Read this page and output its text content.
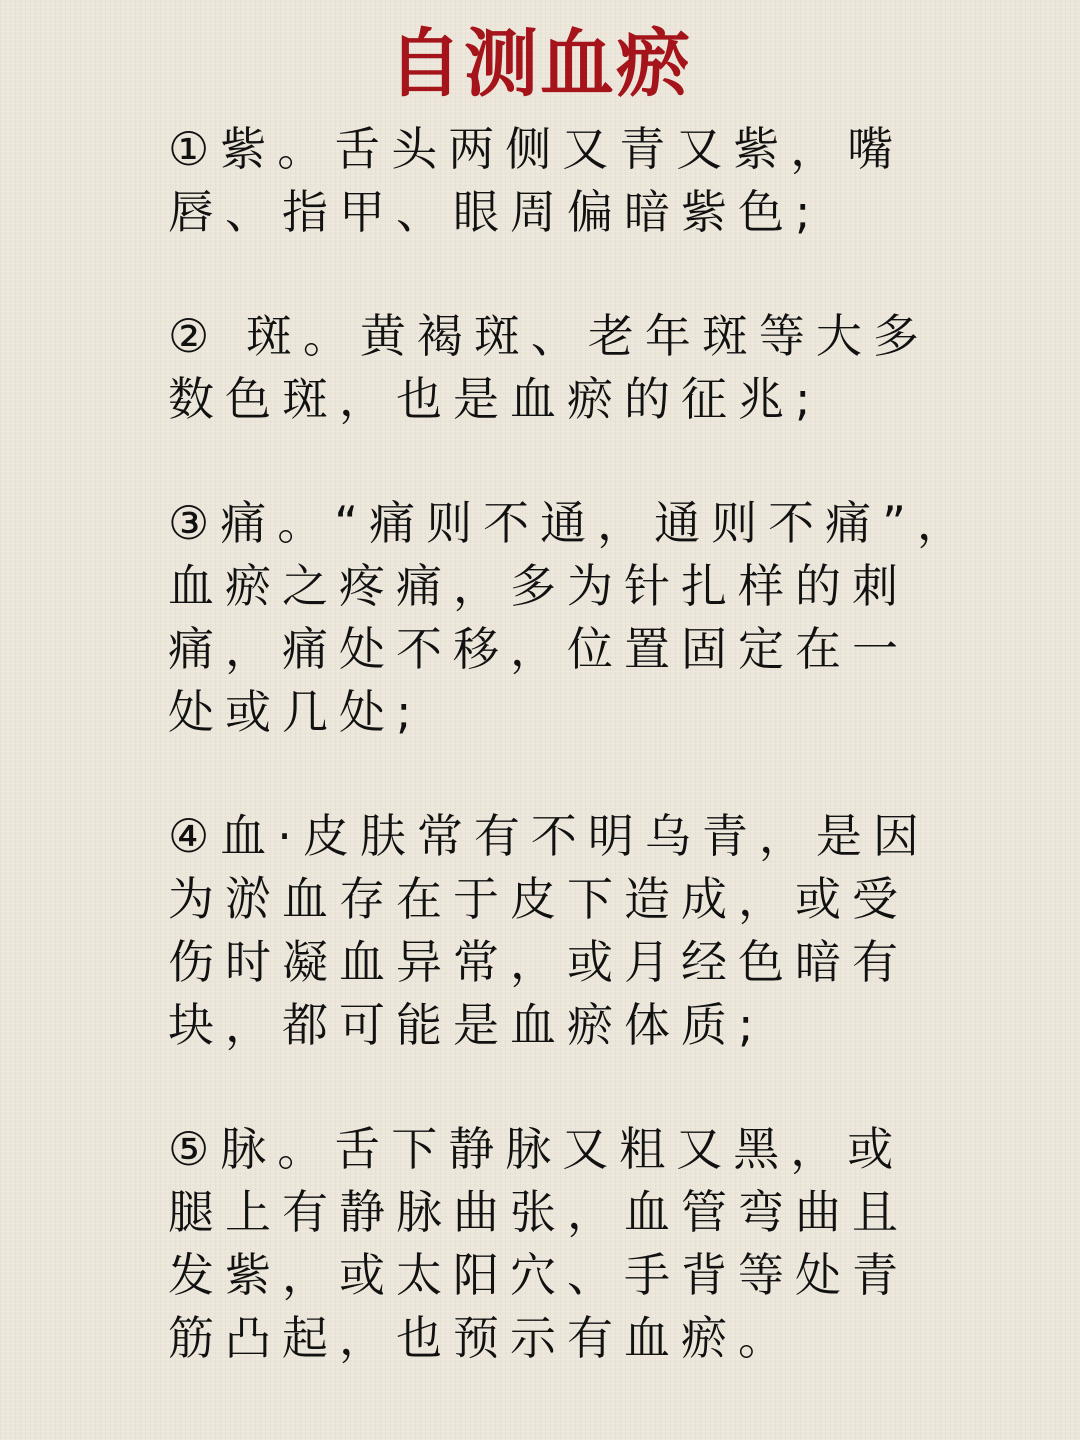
自测血瘀

①紫。舌头两侧又青又紫，嘴
唇、指甲、眼周偏暗紫色;

② 斑。黄褐斑、老年斑等大多
数色斑，也是血瘀的征兆;

③痛。“痛则不通，通则不痛”，
血瘀之疼痛，多为针扎样的刺
痛，痛处不移，位置固定在一
处或几处;

④血·皮肤常有不明乌青，是因
为淤血存在于皮下造成，或受
伤时凝血异常，或月经色暗有
块，都可能是血瘀体质;

⑤脉。舌下静脉又粗又黑，或
腿上有静脉曲张，血管弯曲且
发紫，或太阳穴、手背等处青
筋凸起，也预示有血瘀。
